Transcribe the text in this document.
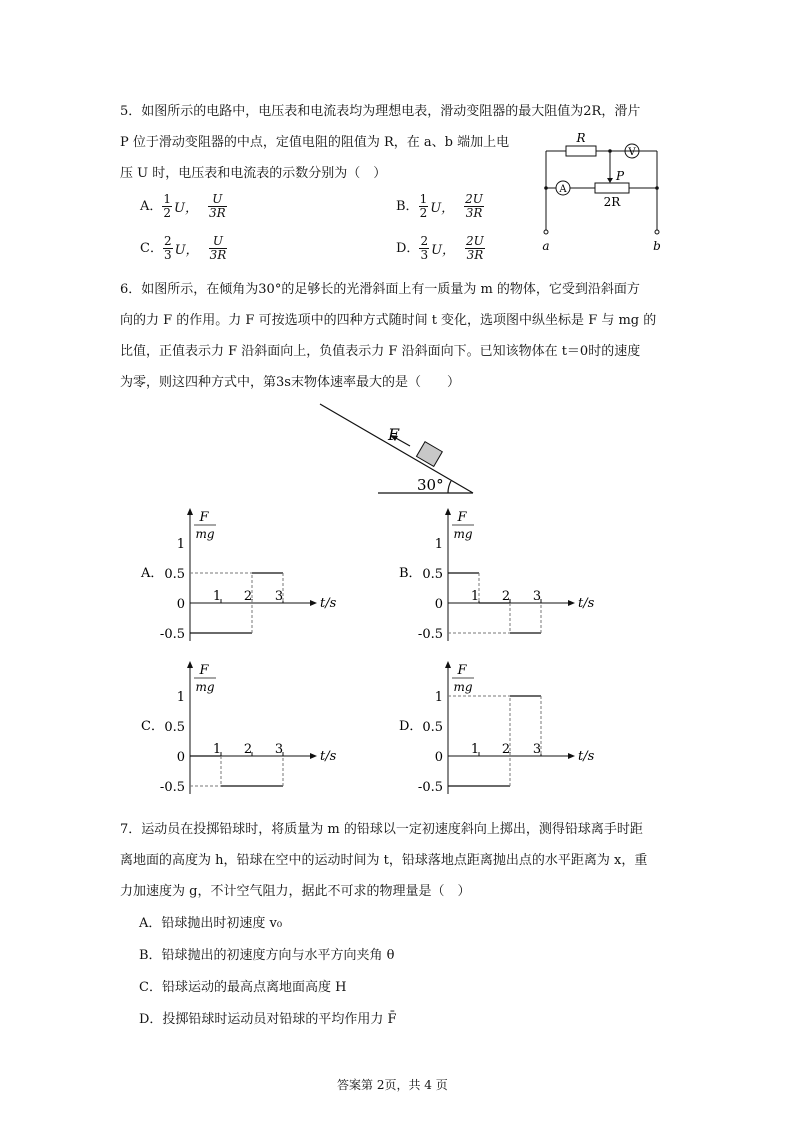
5．如图所示的电路中，电压表和电流表均为理想电表，滑动变阻器的最大阻值为2R，滑片
P 位于滑动变阻器的中点，定值电阻的阻值为 R，在 a、b 端加上电
压 U 时，电压表和电流表的示数分别为（　）
A． $\frac{1}{2}$ U， $\frac{U}{3R}$	B． $\frac{1}{2}$ U， $\frac{2U}{3R}$
C． $\frac{2}{3}$ U， $\frac{U}{3R}$	D． $\frac{2}{3}$ U， $\frac{2U}{3R}$
R
A
V
P
2R
a	b
6．如图所示，在倾角为30°的足够长的光滑斜面上有一质量为 m 的物体，它受到沿斜面方
向的力 F 的作用。力 F 可按选项中的四种方式随时间 t 变化，选项图中纵坐标是 F 与 mg 的
比值，正值表示力 F 沿斜面向上，负值表示力 F 沿斜面向下。已知该物体在 t＝0时的速度
为零，则这四种方式中，第3s末物体速率最大的是（　　）
F
30°
A．
F
mg
t/s
1
0.5
0
-0.5
1 2 3
B．
F
mg
t/s
1
0.5
0
-0.5
1 2 3
C．
F
mg
t/s
1
0.5
0
-0.5
1 2 3
D．
F
mg
t/s
1
0.5
0
-0.5
1 2 3
7．运动员在投掷铅球时，将质量为 m 的铅球以一定初速度斜向上掷出，测得铅球离手时距
离地面的高度为 h，铅球在空中的运动时间为 t，铅球落地点距离抛出点的水平距离为 x，重
力加速度为 g，不计空气阻力，据此不可求的物理量是（　）
A．铅球抛出时初速度 v₀
B．铅球抛出的初速度方向与水平方向夹角 θ
C．铅球运动的最高点离地面高度 H
D．投掷铅球时运动员对铅球的平均作用力 F̄
答案第 2页，共 4 页
